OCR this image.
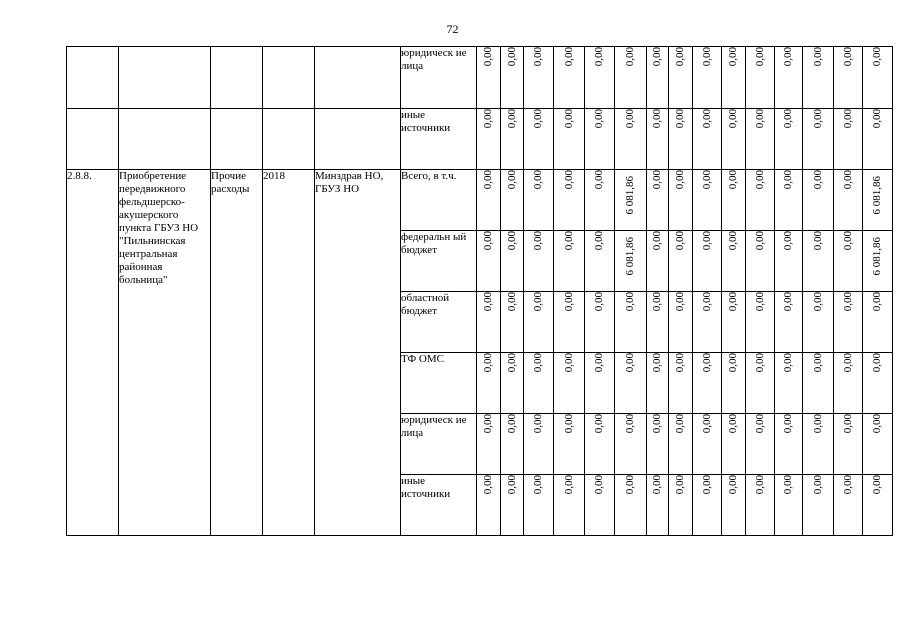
72
					юридическ ие лица	0,00	0,00	0,00	0,00	0,00	0,00	0,00	0,00	0,00	0,00	0,00	0,00	0,00	0,00	0,00
					иные источники	0,00	0,00	0,00	0,00	0,00	0,00	0,00	0,00	0,00	0,00	0,00	0,00	0,00	0,00	0,00
2.8.8.	Приобретение передвижного фельдшерско-акушерского пункта ГБУЗ НО "Пильнинская центральная районная больница"	Прочие расходы	2018	Минздрав НО, ГБУЗ НО	Всего, в т.ч.	0,00	0,00	0,00	0,00	0,00	6 081,86	0,00	0,00	0,00	0,00	0,00	0,00	0,00	0,00	6 081,86
					федеральн ый бюджет	0,00	0,00	0,00	0,00	0,00	6 081,86	0,00	0,00	0,00	0,00	0,00	0,00	0,00	0,00	6 081,86
					областной бюджет	0,00	0,00	0,00	0,00	0,00	0,00	0,00	0,00	0,00	0,00	0,00	0,00	0,00	0,00	0,00
					ТФ ОМС	0,00	0,00	0,00	0,00	0,00	0,00	0,00	0,00	0,00	0,00	0,00	0,00	0,00	0,00	0,00
					юридическ ие лица	0,00	0,00	0,00	0,00	0,00	0,00	0,00	0,00	0,00	0,00	0,00	0,00	0,00	0,00	0,00
					иные источники	0,00	0,00	0,00	0,00	0,00	0,00	0,00	0,00	0,00	0,00	0,00	0,00	0,00	0,00	0,00
